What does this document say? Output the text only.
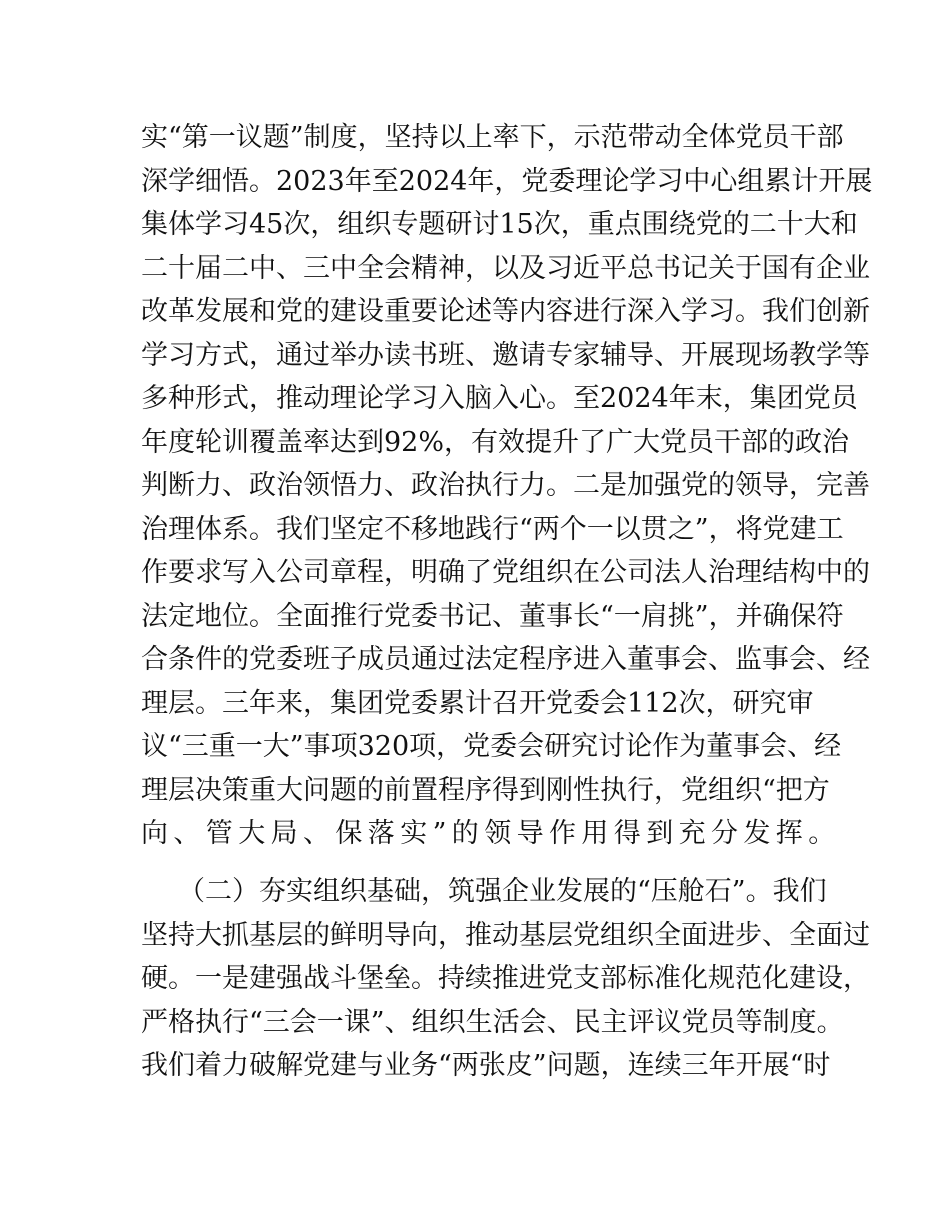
实“第一议题”制度，坚持以上率下，示范带动全体党员干部
深学细悟。2023年至2024年，党委理论学习中心组累计开展
集体学习45次，组织专题研讨15次，重点围绕党的二十大和
二十届二中、三中全会精神，以及习近平总书记关于国有企业
改革发展和党的建设重要论述等内容进行深入学习。我们创新
学习方式，通过举办读书班、邀请专家辅导、开展现场教学等
多种形式，推动理论学习入脑入心。至2024年末，集团党员
年度轮训覆盖率达到92%，有效提升了广大党员干部的政治
判断力、政治领悟力、政治执行力。二是加强党的领导，完善
治理体系。我们坚定不移地践行“两个一以贯之”，将党建工
作要求写入公司章程，明确了党组织在公司法人治理结构中的
法定地位。全面推行党委书记、董事长“一肩挑”，并确保符
合条件的党委班子成员通过法定程序进入董事会、监事会、经
理层。三年来，集团党委累计召开党委会112次，研究审
议“三重一大”事项320项，党委会研究讨论作为董事会、经
理层决策重大问题的前置程序得到刚性执行，党组织“把方
向、管大局、保落实”的领导作用得到充分发挥。
（二）夯实组织基础，筑强企业发展的“压舱石”。我们
坚持大抓基层的鲜明导向，推动基层党组织全面进步、全面过
硬。一是建强战斗堡垒。持续推进党支部标准化规范化建设，
严格执行“三会一课”、组织生活会、民主评议党员等制度。
我们着力破解党建与业务“两张皮”问题，连续三年开展“时
